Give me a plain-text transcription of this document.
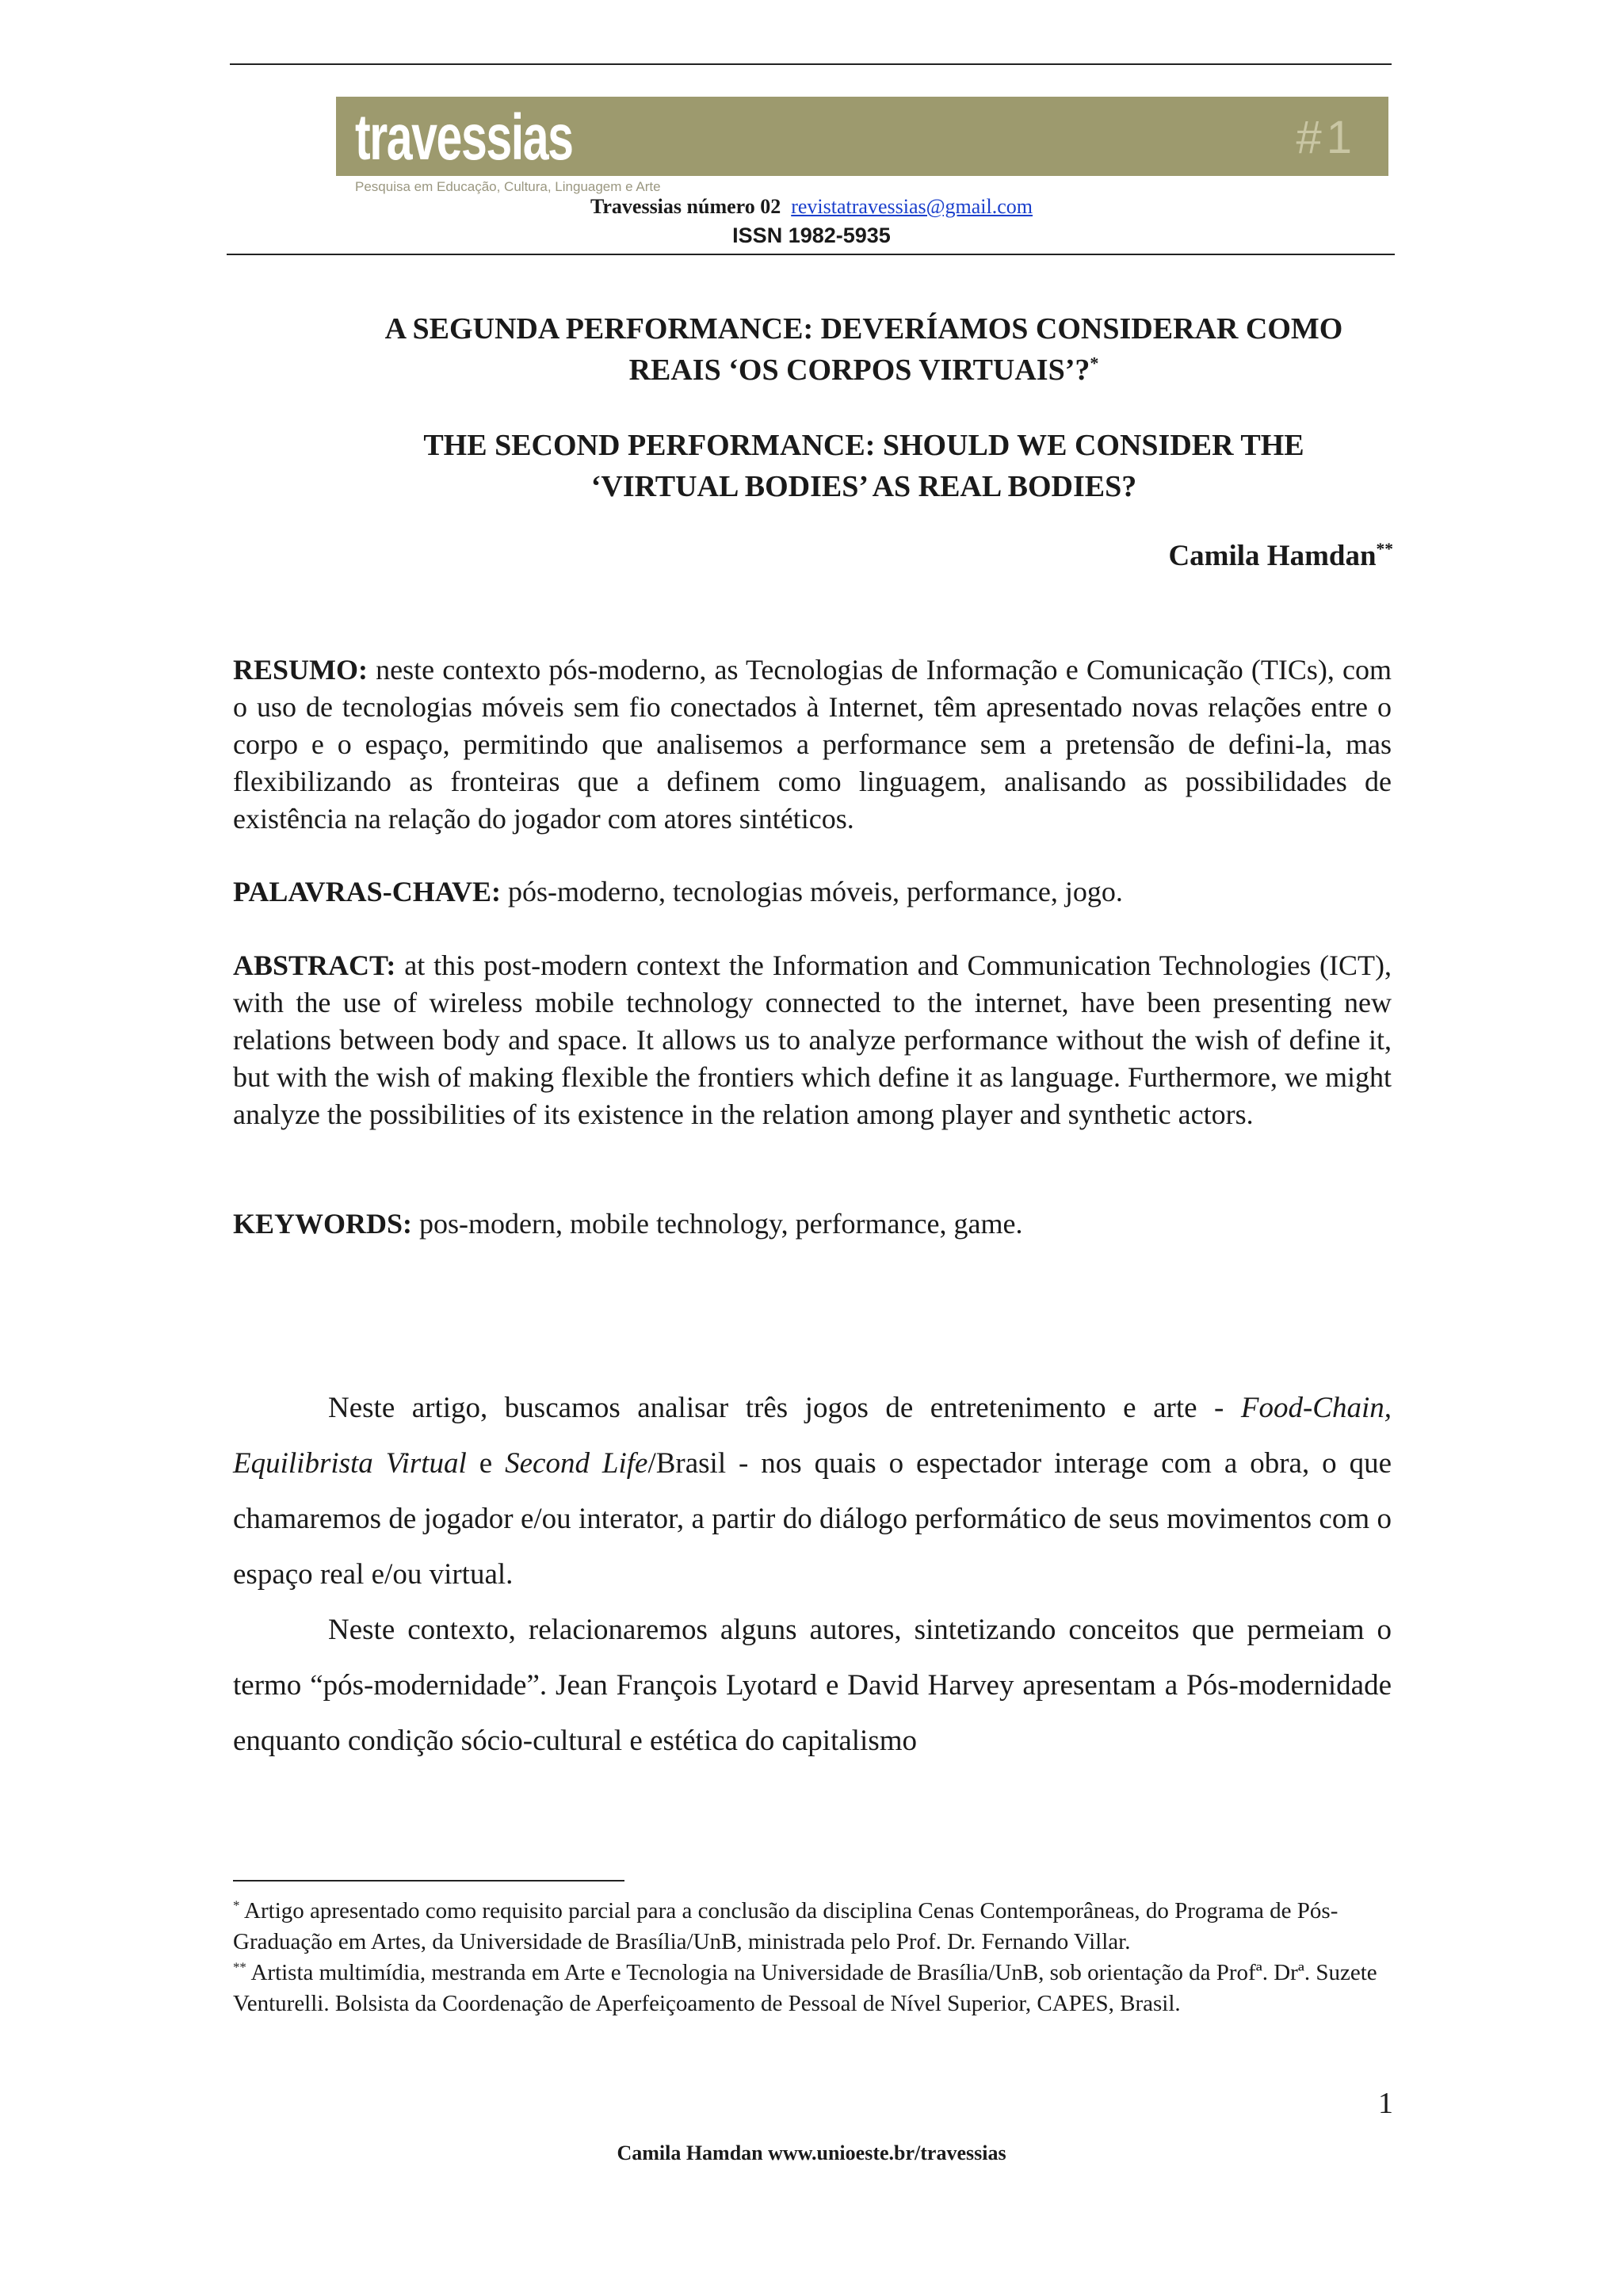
travessias	#1
Pesquisa em Educação, Cultura, Linguagem e Arte
Travessias número 02 revistatravessias@gmail.com
ISSN 1982-5935
A SEGUNDA PERFORMANCE: DEVERÍAMOS CONSIDERAR COMO
REAIS ‘OS CORPOS VIRTUAIS’?*
THE SECOND PERFORMANCE: SHOULD WE CONSIDER THE
‘VIRTUAL BODIES’ AS REAL BODIES?
Camila Hamdan**
RESUMO: neste contexto pós-moderno, as Tecnologias de Informação e Comunicação (TICs), com o uso de tecnologias móveis sem fio conectados à Internet, têm apresentado novas relações entre o corpo e o espaço, permitindo que analisemos a performance sem a pretensão de defini-la, mas flexibilizando as fronteiras que a definem como linguagem, analisando as possibilidades de existência na relação do jogador com atores sintéticos.
PALAVRAS-CHAVE: pós-moderno, tecnologias móveis, performance, jogo.
ABSTRACT: at this post-modern context the Information and Communication Technologies (ICT), with the use of wireless mobile technology connected to the internet, have been presenting new relations between body and space. It allows us to analyze performance without the wish of define it, but with the wish of making flexible the frontiers which define it as language. Furthermore, we might analyze the possibilities of its existence in the relation among player and synthetic actors.
KEYWORDS: pos-modern, mobile technology, performance, game.

Neste artigo, buscamos analisar três jogos de entretenimento e arte - Food-Chain, Equilibrista Virtual e Second Life/Brasil - nos quais o espectador interage com a obra, o que chamaremos de jogador e/ou interator, a partir do diálogo performático de seus movimentos com o espaço real e/ou virtual.

Neste contexto, relacionaremos alguns autores, sintetizando conceitos que permeiam o termo “pós-modernidade”. Jean François Lyotard e David Harvey apresentam a Pós-modernidade enquanto condição sócio-cultural e estética do capitalismo

* Artigo apresentado como requisito parcial para a conclusão da disciplina Cenas Contemporâneas, do Programa de Pós-Graduação em Artes, da Universidade de Brasília/UnB, ministrada pelo Prof. Dr. Fernando Villar.

** Artista multimídia, mestranda em Arte e Tecnologia na Universidade de Brasília/UnB, sob orientação da Profª. Drª. Suzete Venturelli. Bolsista da Coordenação de Aperfeiçoamento de Pessoal de Nível Superior, CAPES, Brasil.

1
Camila Hamdan www.unioeste.br/travessias
